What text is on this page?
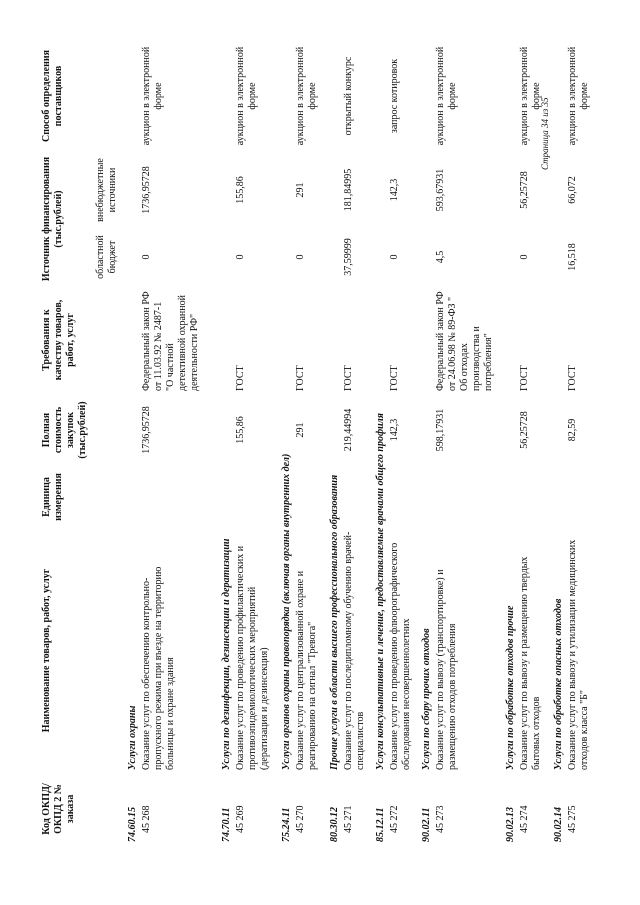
Код ОКПД/ ОКПД 2 № заказа	Наименование товаров, работ, услуг	Единица измерения	Полная стоимость закупок (тыс.рублей)	Требования к качеству товаров, работ, услуг	Источник финансирования (тыс.рублей)		Способ определения поставщиков
					областной бюджет	внебюджетные источники	

74.60.15	Услуги охраны						
45 268	Оказание услуг по обеспечению контрольно-пропускного режима при въезде на территорию больницы и охране здания		1736,95728	Федеральный закон РФ от 11.03.92 № 2487-1 "О частной детективной охранной деятельности РФ"	0	1736,95728	аукцион в электронной форме

74.70.11	Услуги по дезинфекции, дезинсекции и дератизации						
45 269	Оказание услуг по проведению профилактических и противоэпидемиологических мероприятий (дератизация и дезинсекция)		155,86	ГОСТ	0	155,86	аукцион в электронной форме

75.24.11	Услуги органов охраны правопорядка (включая органы внутренних дел)						
45 270	Оказание услуг по централизованной охране и реагированию на сигнал "Тревога"		291	ГОСТ	0	291	аукцион в электронной форме

80.30.12	Прочие услуги в области высшего профессионального образования						
45 271	Оказание услуг по последипломному обучению врачей-специалистов		219,44994	ГОСТ	37,59999	181,84995	открытый конкурс

85.12.11	Услуги консультативные и лечение, предоставляемые врачами общего профиля						
45 272	Оказание услуг по проведению флюорографического обследования несовершеннолетних		142,3	ГОСТ	0	142,3	запрос котировок

90.02.11	Услуги по сбору прочих отходов						
45 273	Оказание услуг по вывозу (транспортировке) и размещению отходов потребления		598,17931	Федеральный закон РФ от 24.06.98 № 89-ФЗ " Об отходах производства и потребления"	4,5	593,67931	аукцион в электронной форме

90.02.13	Услуги по обработке отходов прочие						
45 274	Оказание услуг по вывозу и размещению твердых бытовых отходов		56,25728	ГОСТ	0	56,25728	аукцион в электронной форме

90.02.14	Услуги по обработке опасных отходов						
45 275	Оказание услуг по вывозу и утилизации медицинских отходов класса "Б"		82,59	ГОСТ	16,518	66,072	аукцион в электронной форме
Страница 34 из 35
